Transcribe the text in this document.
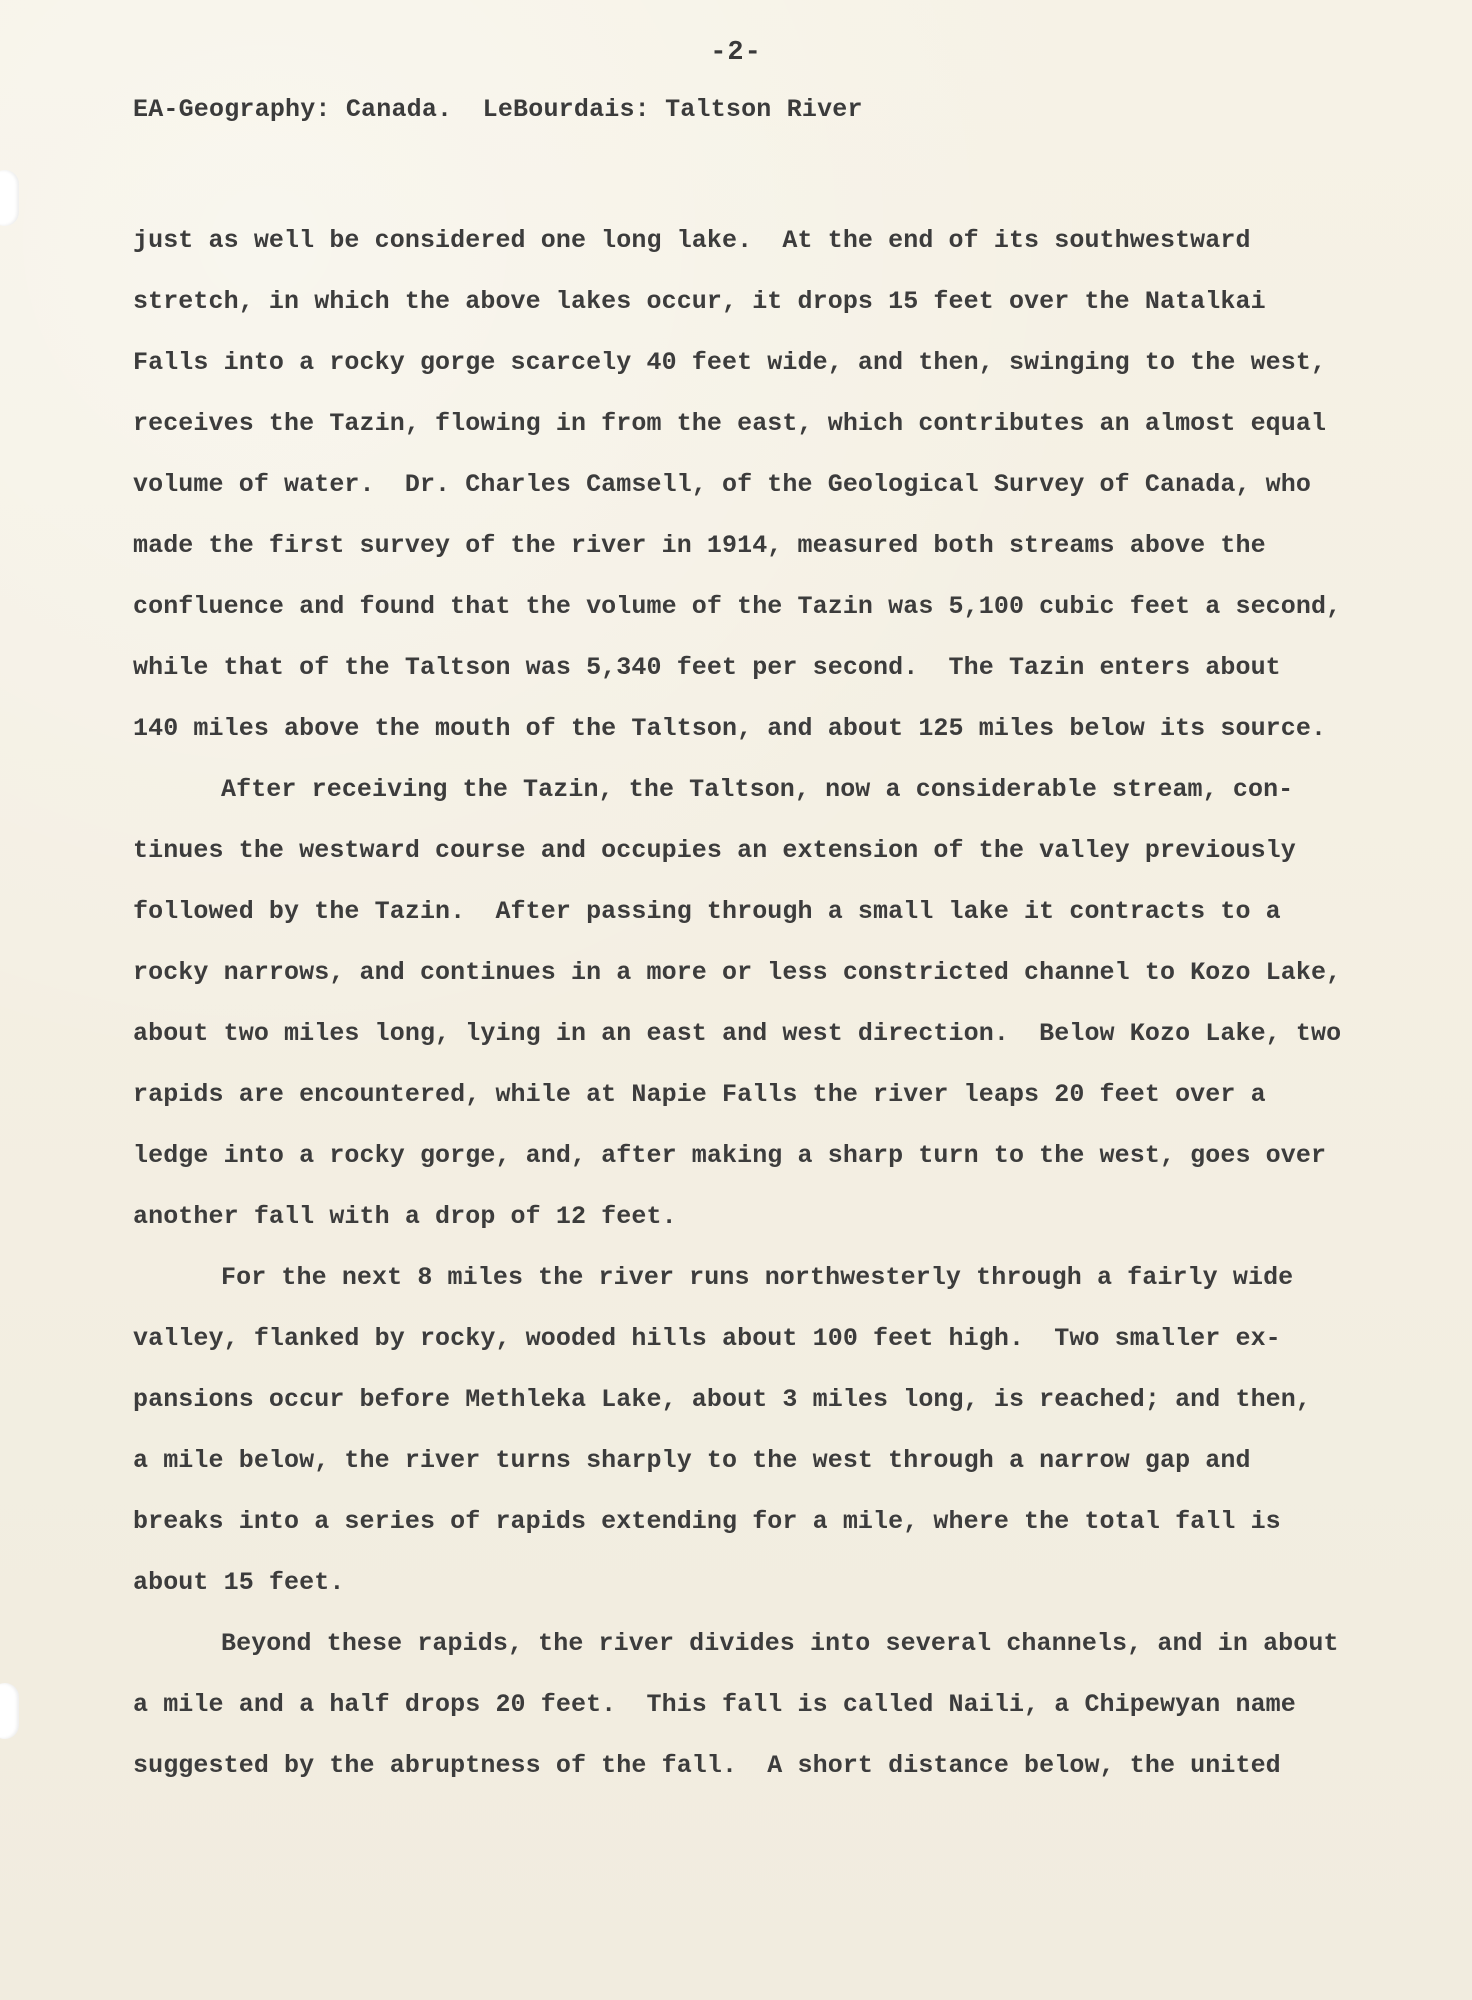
-2-
EA-Geography: Canada.  LeBourdais: Taltson River
just as well be considered one long lake.  At the end of its southwestward
stretch, in which the above lakes occur, it drops 15 feet over the Natalkai
Falls into a rocky gorge scarcely 40 feet wide, and then, swinging to the west,
receives the Tazin, flowing in from the east, which contributes an almost equal
volume of water.  Dr. Charles Camsell, of the Geological Survey of Canada, who
made the first survey of the river in 1914, measured both streams above the
confluence and found that the volume of the Tazin was 5,100 cubic feet a second,
while that of the Taltson was 5,340 feet per second.  The Tazin enters about
140 miles above the mouth of the Taltson, and about 125 miles below its source.
After receiving the Tazin, the Taltson, now a considerable stream, con-
tinues the westward course and occupies an extension of the valley previously
followed by the Tazin.  After passing through a small lake it contracts to a
rocky narrows, and continues in a more or less constricted channel to Kozo Lake,
about two miles long, lying in an east and west direction.  Below Kozo Lake, two
rapids are encountered, while at Napie Falls the river leaps 20 feet over a
ledge into a rocky gorge, and, after making a sharp turn to the west, goes over
another fall with a drop of 12 feet.
For the next 8 miles the river runs northwesterly through a fairly wide
valley, flanked by rocky, wooded hills about 100 feet high.  Two smaller ex-
pansions occur before Methleka Lake, about 3 miles long, is reached; and then,
a mile below, the river turns sharply to the west through a narrow gap and
breaks into a series of rapids extending for a mile, where the total fall is
about 15 feet.
Beyond these rapids, the river divides into several channels, and in about
a mile and a half drops 20 feet.  This fall is called Naili, a Chipewyan name
suggested by the abruptness of the fall.  A short distance below, the united
